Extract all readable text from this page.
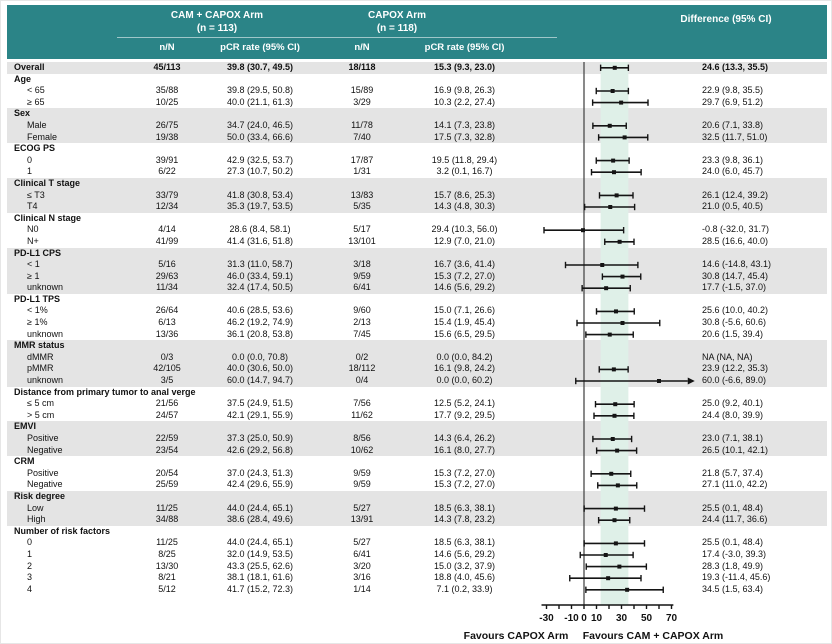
CAM + CAPOX Arm
(n = 113)
CAPOX Arm
(n = 118)
Difference (95% CI)
n/N	pCR rate (95% CI)	n/N	pCR rate (95% CI)
Overall	45/113	39.8 (30.7, 49.5)	18/118	15.3 (9.3, 23.0)	24.6 (13.3, 35.5)
Age
< 65	35/88	39.8 (29.5, 50.8)	15/89	16.9 (9.8, 26.3)	22.9 (9.8, 35.5)
≥ 65	10/25	40.0 (21.1, 61.3)	3/29	10.3 (2.2, 27.4)	29.7 (6.9, 51.2)
Sex
Male	26/75	34.7 (24.0, 46.5)	11/78	14.1 (7.3, 23.8)	20.6 (7.1, 33.8)
Female	19/38	50.0 (33.4, 66.6)	7/40	17.5 (7.3, 32.8)	32.5 (11.7, 51.0)
ECOG PS
0	39/91	42.9 (32.5, 53.7)	17/87	19.5 (11.8, 29.4)	23.3 (9.8, 36.1)
1	6/22	27.3 (10.7, 50.2)	1/31	3.2 (0.1, 16.7)	24.0 (6.0, 45.7)
Clinical T stage
≤ T3	33/79	41.8 (30.8, 53.4)	13/83	15.7 (8.6, 25.3)	26.1 (12.4, 39.2)
T4	12/34	35.3 (19.7, 53.5)	5/35	14.3 (4.8, 30.3)	21.0 (0.5, 40.5)
Clinical N stage
N0	4/14	28.6 (8.4, 58.1)	5/17	29.4 (10.3, 56.0)	-0.8 (-32.0, 31.7)
N+	41/99	41.4 (31.6, 51.8)	13/101	12.9 (7.0, 21.0)	28.5 (16.6, 40.0)
PD-L1 CPS
< 1	5/16	31.3 (11.0, 58.7)	3/18	16.7 (3.6, 41.4)	14.6 (-14.8, 43.1)
≥ 1	29/63	46.0 (33.4, 59.1)	9/59	15.3 (7.2, 27.0)	30.8 (14.7, 45.4)
unknown	11/34	32.4 (17.4, 50.5)	6/41	14.6 (5.6, 29.2)	17.7 (-1.5, 37.0)
PD-L1 TPS
< 1%	26/64	40.6 (28.5, 53.6)	9/60	15.0 (7.1, 26.6)	25.6 (10.0, 40.2)
≥ 1%	6/13	46.2 (19.2, 74.9)	2/13	15.4 (1.9, 45.4)	30.8 (-5.6, 60.6)
unknown	13/36	36.1 (20.8, 53.8)	7/45	15.6 (6.5, 29.5)	20.6 (1.5, 39.4)
MMR status
dMMR	0/3	0.0 (0.0, 70.8)	0/2	0.0 (0.0, 84.2)	NA (NA, NA)
pMMR	42/105	40.0 (30.6, 50.0)	18/112	16.1 (9.8, 24.2)	23.9 (12.2, 35.3)
unknown	3/5	60.0 (14.7, 94.7)	0/4	0.0 (0.0, 60.2)	60.0 (-6.6, 89.0)
Distance from primary tumor to anal verge
≤ 5 cm	21/56	37.5 (24.9, 51.5)	7/56	12.5 (5.2, 24.1)	25.0 (9.2, 40.1)
> 5 cm	24/57	42.1 (29.1, 55.9)	11/62	17.7 (9.2, 29.5)	24.4 (8.0, 39.9)
EMVI
Positive	22/59	37.3 (25.0, 50.9)	8/56	14.3 (6.4, 26.2)	23.0 (7.1, 38.1)
Negative	23/54	42.6 (29.2, 56.8)	10/62	16.1 (8.0, 27.7)	26.5 (10.1, 42.1)
CRM
Positive	20/54	37.0 (24.3, 51.3)	9/59	15.3 (7.2, 27.0)	21.8 (5.7, 37.4)
Negative	25/59	42.4 (29.6, 55.9)	9/59	15.3 (7.2, 27.0)	27.1 (11.0, 42.2)
Risk degree
Low	11/25	44.0 (24.4, 65.1)	5/27	18.5 (6.3, 38.1)	25.5 (0.1, 48.4)
High	34/88	38.6 (28.4, 49.6)	13/91	14.3 (7.8, 23.2)	24.4 (11.7, 36.6)
Number of risk factors
0	11/25	44.0 (24.4, 65.1)	5/27	18.5 (6.3, 38.1)	25.5 (0.1, 48.4)
1	8/25	32.0 (14.9, 53.5)	6/41	14.6 (5.6, 29.2)	17.4 (-3.0, 39.3)
2	13/30	43.3 (25.5, 62.6)	3/20	15.0 (3.2, 37.9)	28.3 (1.8, 49.9)
3	8/21	38.1 (18.1, 61.6)	3/16	18.8 (4.0, 45.6)	19.3 (-11.4, 45.6)
4	5/12	41.7 (15.2, 72.3)	1/14	7.1 (0.2, 33.9)	34.5 (1.5, 63.4)
-30 -10 0 10 30 50 70
Favours CAPOX Arm Favours CAM + CAPOX Arm
